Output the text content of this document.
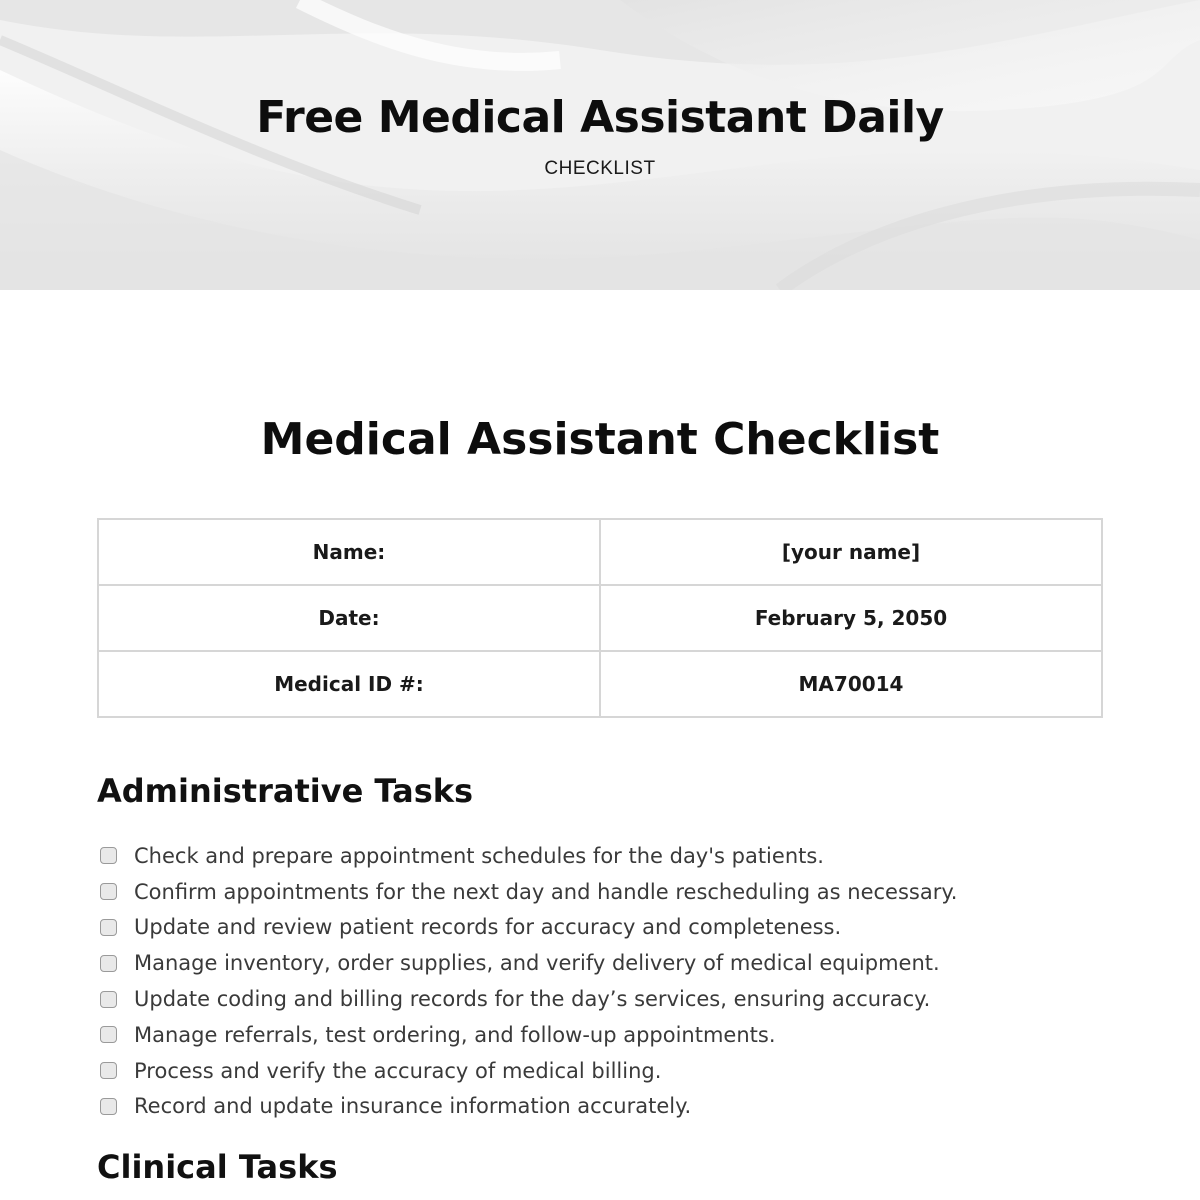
Free Medical Assistant Daily

CHECKLIST

Medical Assistant Checklist
Name:	[your name]
Date:	February 5, 2050
Medical ID #:	MA70014
Administrative Tasks
Check and prepare appointment schedules for the day's patients.
Confirm appointments for the next day and handle rescheduling as necessary.
Update and review patient records for accuracy and completeness.
Manage inventory, order supplies, and verify delivery of medical equipment.
Update coding and billing records for the day’s services, ensuring accuracy.
Manage referrals, test ordering, and follow-up appointments.
Process and verify the accuracy of medical billing.
Record and update insurance information accurately.
Clinical Tasks
